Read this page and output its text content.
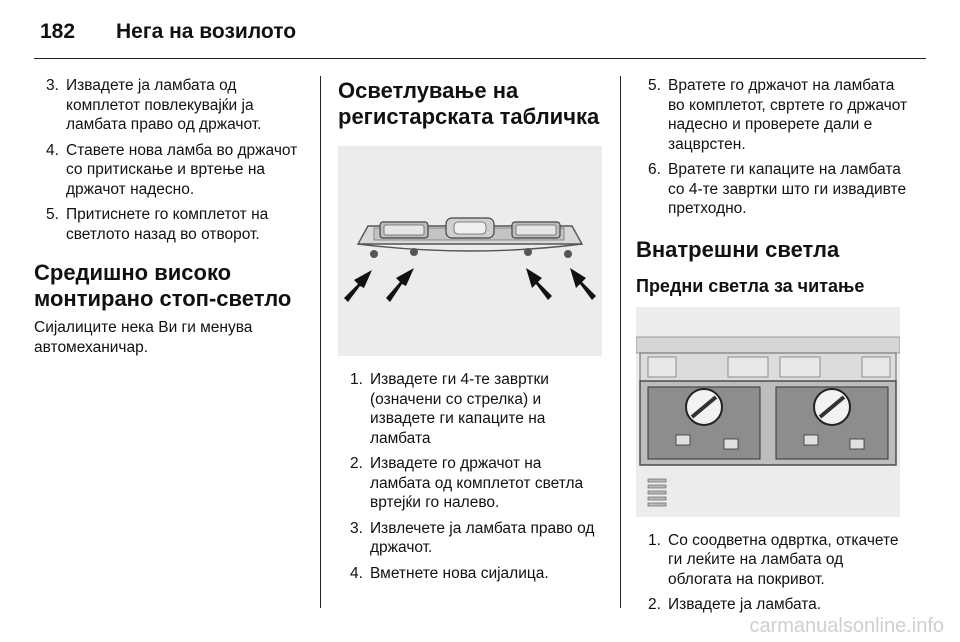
182 Нега на возилото
3. Извадете ја ламбата од комплетот повлекувајќи ја ламбата право од држачот.
4. Ставете нова ламба во држачот со притискање и вртење на држачот надесно.
5. Притиснете го комплетот на светлото назад во отворот.
Средишно високо монтирано стоп-светло

Сијалиците нека Ви ги менува автомеханичар.

Осветлување на регистарската табличка
1. Извадете ги 4-те завртки (означени со стрелка) и извадете ги капаците на ламбата
2. Извадете го држачот на ламбата од комплетот светла вртејќи го налево.
3. Извлечете ја ламбата право од држачот.
4. Вметнете нова сијалица.
5. Вратете го држачот на ламбата во комплетот, свртете го држачот надесно и проверете дали е зацврстен.
6. Вратете ги капаците на ламбата со 4-те завртки што ги извадивте претходно.
Внатрешни светла
Предни светла за читање
1. Со соодветна одвртка, откачете ги леќите на ламбата од облогата на покривот.
2. Извадете ја ламбата.
carmanualsonline.info
